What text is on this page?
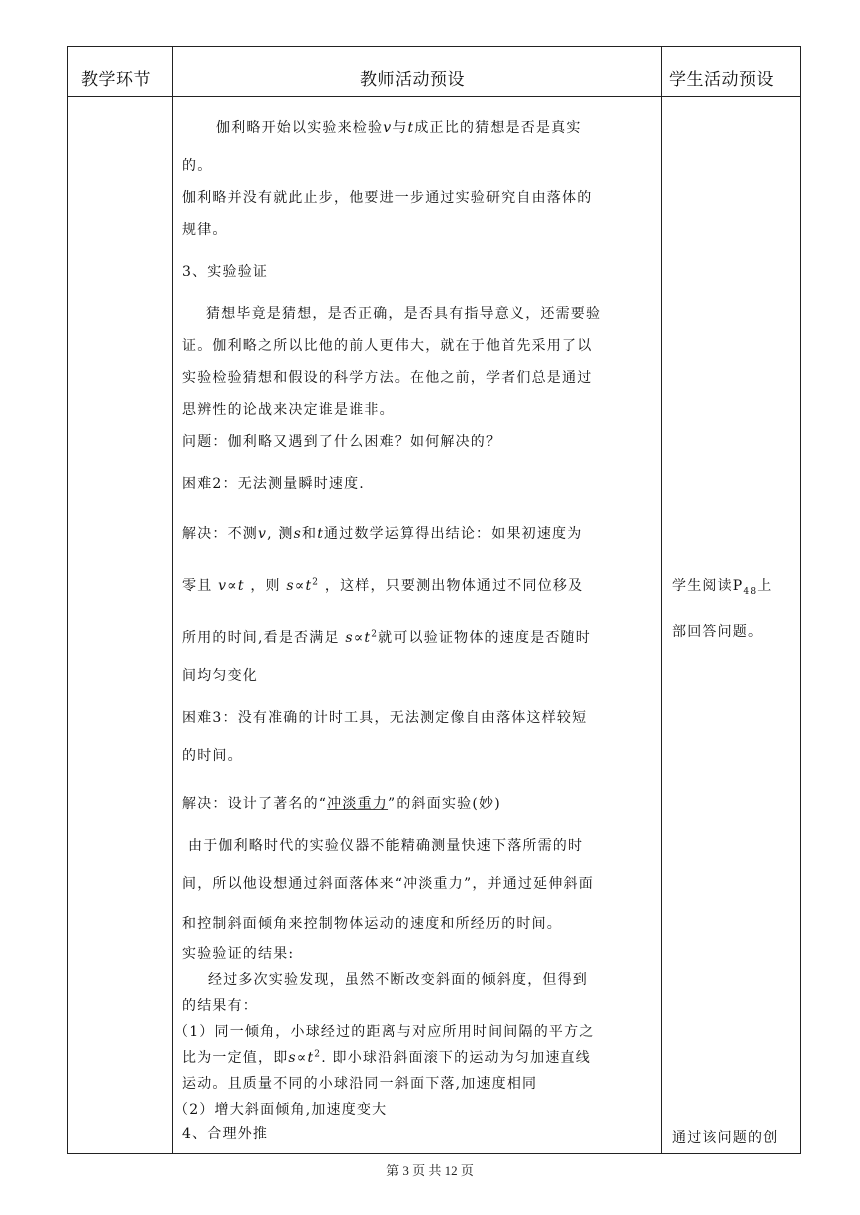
教学环节	教师活动预设	学生活动预设
伽利略开始以实验来检验v与t成正比的猜想是否是真实
的。
伽利略并没有就此止步，他要进一步通过实验研究自由落体的
规律。
3、实验验证
猜想毕竟是猜想，是否正确，是否具有指导意义，还需要验
证。伽利略之所以比他的前人更伟大，就在于他首先采用了以
实验检验猜想和假设的科学方法。在他之前，学者们总是通过
思辨性的论战来决定谁是谁非。
问题：伽利略又遇到了什么困难？如何解决的？
困难2：无法测量瞬时速度.
解决：不测v, 测s和t通过数学运算得出结论：如果初速度为
零且 v∝t ，则 $s\propto t^2$ ，这样，只要测出物体通过不同位移及
所用的时间,看是否满足 $s\propto t^2$就可以验证物体的速度是否随时
间均匀变化
困难3：没有准确的计时工具，无法测定像自由落体这样较短
的时间。
解决：设计了著名的“冲淡重力”的斜面实验(妙)
由于伽利略时代的实验仪器不能精确测量快速下落所需的时
间，所以他设想通过斜面落体来“冲淡重力”，并通过延伸斜面
和控制斜面倾角来控制物体运动的速度和所经历的时间。
实验验证的结果:
经过多次实验发现，虽然不断改变斜面的倾斜度，但得到
的结果有：
（1）同一倾角，小球经过的距离与对应所用时间间隔的平方之
比为一定值，即$s\propto t^2$. 即小球沿斜面滚下的运动为匀加速直线
运动。且质量不同的小球沿同一斜面下落,加速度相同
（2）增大斜面倾角,加速度变大
4、合理外推
学生阅读$P_{48}$上
部回答问题。
通过该问题的创
第 3 页 共 12 页
